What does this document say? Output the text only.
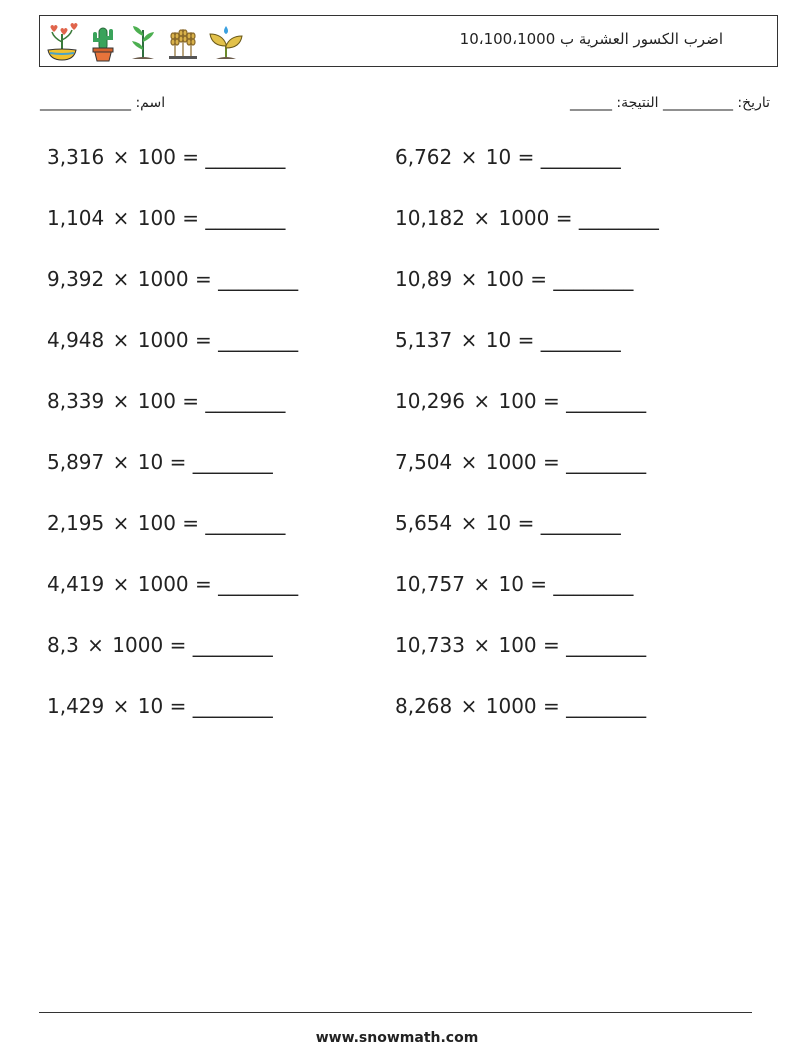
اضرب الكسور العشرية ب 10،100،1000
_____________ :اسم	______ :تاريخ: __________ النتيجة
3,316 × 100 = ________	6,762 × 10 = ________
1,104 × 100 = ________	10,182 × 1000 = ________
9,392 × 1000 = ________	10,89 × 100 = ________
4,948 × 1000 = ________	5,137 × 10 = ________
8,339 × 100 = ________	10,296 × 100 = ________
5,897 × 10 = ________	7,504 × 1000 = ________
2,195 × 100 = ________	5,654 × 10 = ________
4,419 × 1000 = ________	10,757 × 10 = ________
8,3 × 1000 = ________	10,733 × 100 = ________
1,429 × 10 = ________	8,268 × 1000 = ________
www.snowmath.com
